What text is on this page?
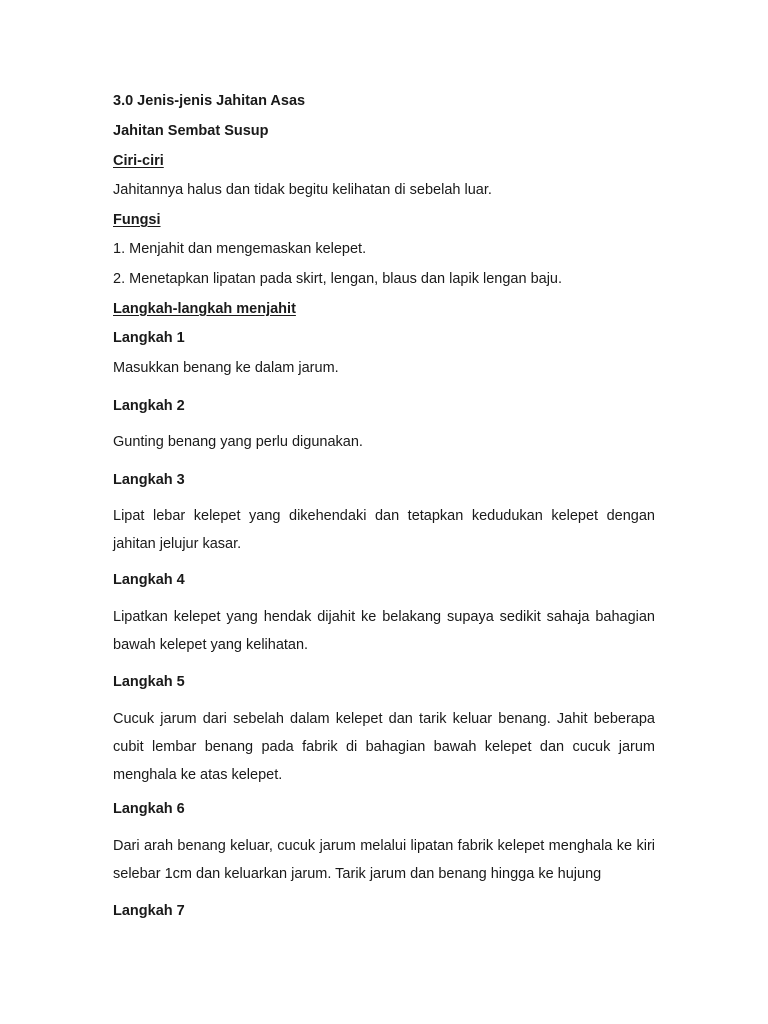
3.0 Jenis-jenis Jahitan Asas
Jahitan Sembat Susup
Ciri-ciri
Jahitannya halus dan tidak begitu kelihatan di sebelah luar.
Fungsi
1. Menjahit dan mengemaskan kelepet.
2. Menetapkan lipatan pada skirt, lengan, blaus dan lapik lengan baju.
Langkah-langkah menjahit
Langkah 1
Masukkan benang ke dalam jarum.
Langkah 2
Gunting benang yang perlu digunakan.
Langkah 3
Lipat lebar kelepet yang dikehendaki dan tetapkan kedudukan kelepet dengan jahitan jelujur kasar.
Langkah 4
Lipatkan kelepet yang hendak dijahit ke belakang supaya sedikit sahaja bahagian bawah kelepet yang kelihatan.
Langkah 5
Cucuk jarum dari sebelah dalam kelepet dan tarik keluar benang. Jahit beberapa cubit lembar benang pada fabrik di bahagian bawah kelepet dan cucuk jarum menghala ke atas kelepet.
Langkah 6
Dari arah benang keluar, cucuk jarum melalui lipatan fabrik kelepet menghala ke kiri selebar 1cm dan keluarkan jarum. Tarik jarum dan benang hingga ke hujung
Langkah 7
